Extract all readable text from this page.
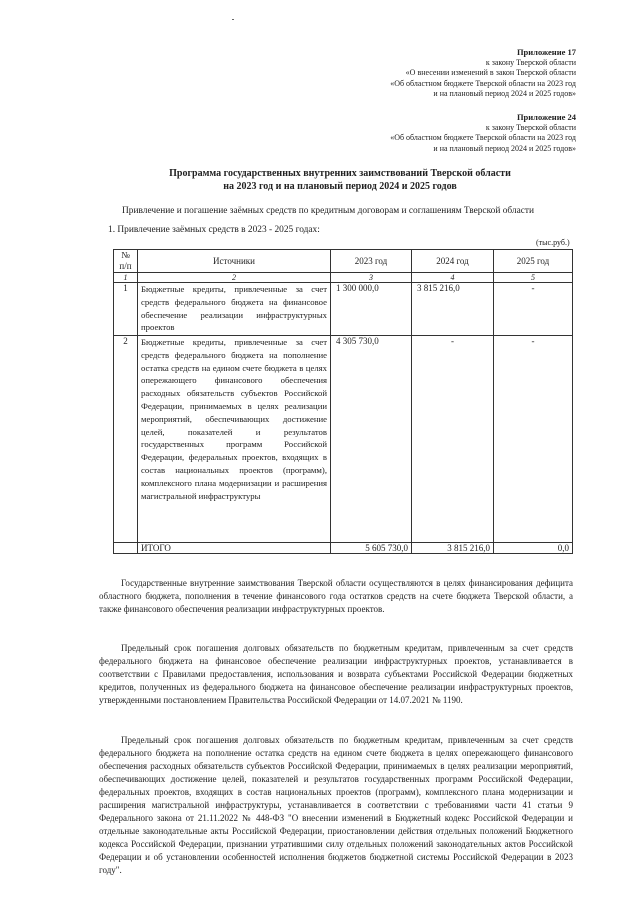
Приложение 17
к закону Тверской области
«О внесении изменений в закон Тверской области
«Об областном бюджете Тверской области на 2023 год
и на плановый период 2024 и 2025 годов»
Приложение 24
к закону Тверской области
«Об областном бюджете Тверской области на 2023 год
и на плановый период 2024 и 2025 годов»
Программа государственных внутренних заимствований Тверской области
на 2023 год и на плановый период 2024 и 2025 годов
Привлечение и погашение заёмных средств по кредитным договорам и соглашениям Тверской области
1. Привлечение заёмных средств в 2023 - 2025 годах:
(тыс.руб.)
№ п/п	Источники	2023 год	2024 год	2025 год
1	2	3	4	5
1	Бюджетные кредиты, привлеченные за счет средств федерального бюджета на финансовое обеспечение реализации инфраструктурных проектов	1 300 000,0	3 815 216,0	-
2	Бюджетные кредиты, привлеченные за счет средств федерального бюджета на пополнение остатка средств на едином счете бюджета в целях опережающего финансового обеспечения расходных обязательств субъектов Российской Федерации, принимаемых в целях реализации мероприятий, обеспечивающих достижение целей, показателей и результатов государственных программ Российской Федерации, федеральных проектов, входящих в состав национальных проектов (программ), комплексного плана модернизации и расширения магистральной инфраструктуры	4 305 730,0	-	-
	ИТОГО	5 605 730,0	3 815 216,0	0,0

Государственные внутренние заимствования Тверской области осуществляются в целях финансирования дефицита областного бюджета, пополнения в течение финансового года остатков средств на счете бюджета Тверской области, а также финансового обеспечения реализации инфраструктурных проектов.

Предельный срок погашения долговых обязательств по бюджетным кредитам, привлеченным за счет средств федерального бюджета на финансовое обеспечение реализации инфраструктурных проектов, устанавливается в соответствии с Правилами предоставления, использования и возврата субъектами Российской Федерации бюджетных кредитов, полученных из федерального бюджета на финансовое обеспечение реализации инфраструктурных проектов, утвержденными постановлением Правительства Российской Федерации от 14.07.2021 № 1190.

Предельный срок погашения долговых обязательств по бюджетным кредитам, привлеченным за счет средств федерального бюджета на пополнение остатка средств на едином счете бюджета в целях опережающего финансового обеспечения расходных обязательств субъектов Российской Федерации, принимаемых в целях реализации мероприятий, обеспечивающих достижение целей, показателей и результатов государственных программ Российской Федерации, федеральных проектов, входящих в состав национальных проектов (программ), комплексного плана модернизации и расширения магистральной инфраструктуры, устанавливается в соответствии с требованиями части 41 статьи 9 Федерального закона от 21.11.2022 № 448-ФЗ "О внесении изменений в Бюджетный кодекс Российской Федерации и отдельные законодательные акты Российской Федерации, приостановлении действия отдельных положений Бюджетного кодекса Российской Федерации, признании утратившими силу отдельных положений законодательных актов Российской Федерации и об установлении особенностей исполнения бюджетов бюджетной системы Российской Федерации в 2023 году".
